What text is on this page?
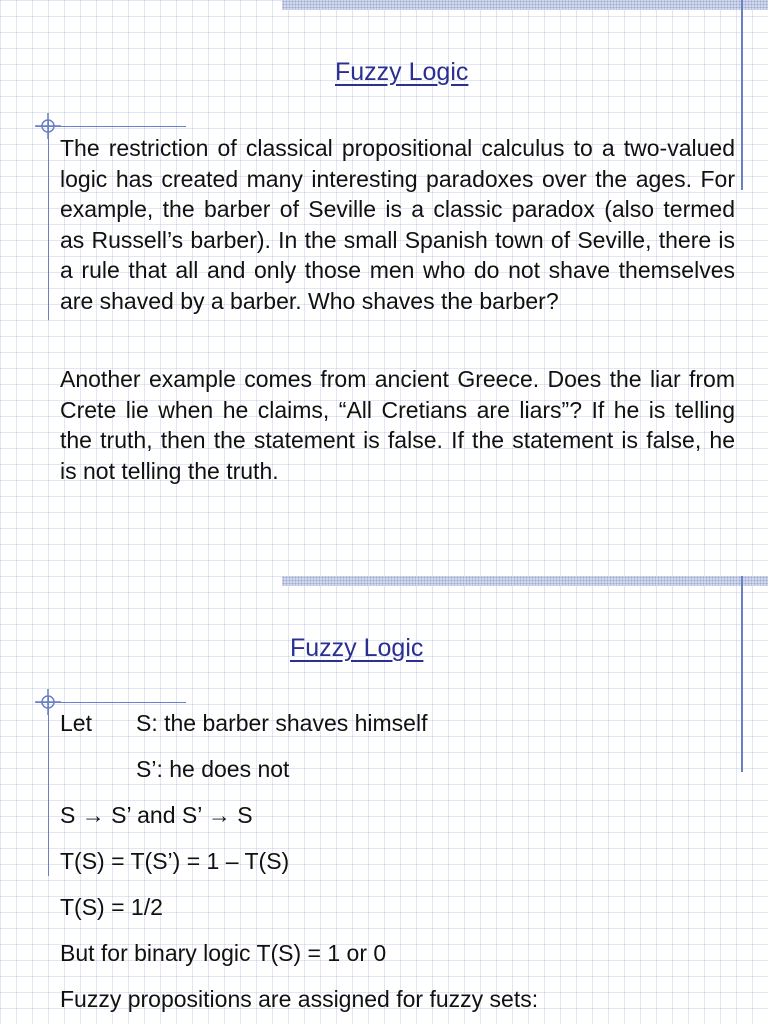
Fuzzy Logic
The restriction of classical propositional calculus to a two-valued logic has created many interesting paradoxes over the ages. For example, the barber of Seville is a classic paradox (also termed as Russell’s barber). In the small Spanish town of Seville, there is a rule that all and only those men who do not shave themselves are shaved by a barber. Who shaves the barber?
Another example comes from ancient Greece. Does the liar from Crete lie when he claims, “All Cretians are liars”? If he is telling the truth, then the statement is false. If the statement is false, he is not telling the truth.
Fuzzy Logic
Let S: the barber shaves himself
S’: he does not
S → S’ and S’ → S
T(S) = T(S’) = 1 – T(S)
T(S) = 1/2
But for binary logic T(S) = 1 or 0
Fuzzy propositions are assigned for fuzzy sets:
